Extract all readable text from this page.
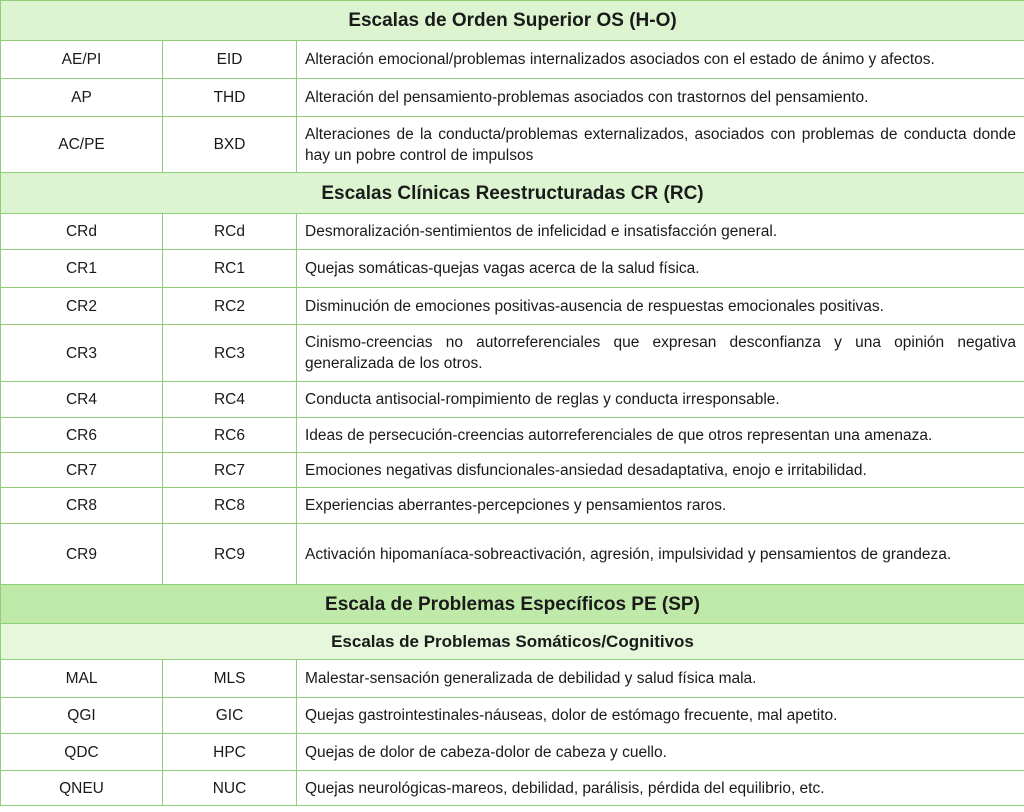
Escalas de Orden Superior OS (H-O)		
AE/PI	EID	Alteración emocional/problemas internalizados asociados con el estado de ánimo y afectos.
AP	THD	Alteración del pensamiento-problemas asociados con trastornos del pensamiento.
AC/PE	BXD	Alteraciones de la conducta/problemas externalizados, asociados con problemas de conducta donde hay un pobre control de impulsos
Escalas Clínicas Reestructuradas CR (RC)		
CRd	RCd	Desmoralización-sentimientos de infelicidad e insatisfacción general.
CR1	RC1	Quejas somáticas-quejas vagas acerca de la salud física.
CR2	RC2	Disminución de emociones positivas-ausencia de respuestas emocionales positivas.
CR3	RC3	Cinismo-creencias no autorreferenciales que expresan desconfianza y una opinión negativa generalizada de los otros.
CR4	RC4	Conducta antisocial-rompimiento de reglas y conducta irresponsable.
CR6	RC6	Ideas de persecución-creencias autorreferenciales de que otros representan una amenaza.
CR7	RC7	Emociones negativas disfuncionales-ansiedad desadaptativa, enojo e irritabilidad.
CR8	RC8	Experiencias aberrantes-percepciones y pensamientos raros.
CR9	RC9	Activación hipomaníaca-sobreactivación, agresión, impulsividad y pensamientos de grandeza.
Escala de Problemas Específicos PE (SP)		
Escalas de Problemas Somáticos/Cognitivos		
MAL	MLS	Malestar-sensación generalizada de debilidad y salud física mala.
QGI	GIC	Quejas gastrointestinales-náuseas, dolor de estómago frecuente, mal apetito.
QDC	HPC	Quejas de dolor de cabeza-dolor de cabeza y cuello.
QNEU	NUC	Quejas neurológicas-mareos, debilidad, parálisis, pérdida del equilibrio, etc.
